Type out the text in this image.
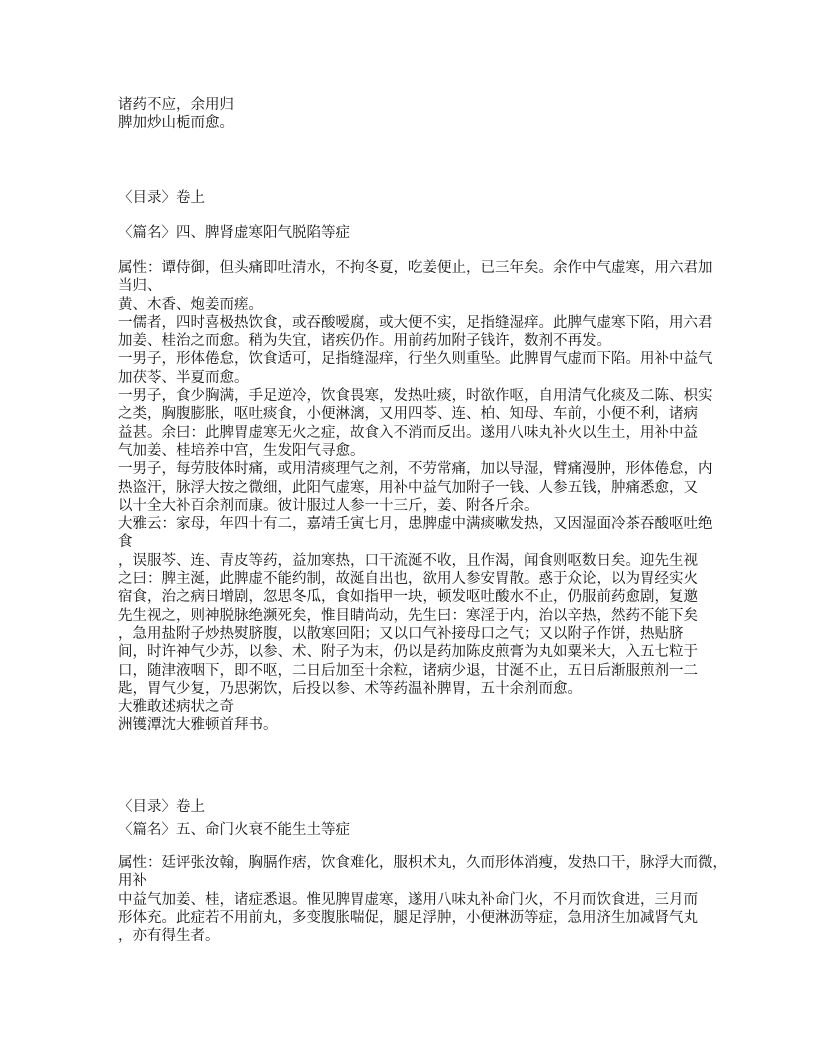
诸药不应，余用归
脾加炒山栀而愈。
〈目录〉卷上
〈篇名〉四、脾肾虚寒阳气脱陷等症
属性：谭侍御，但头痛即吐清水，不拘冬夏，吃姜便止，已三年矣。余作中气虚寒，用六君加
当归、
黄、木香、炮姜而瘥。
一儒者，四时喜极热饮食，或吞酸嗳腐，或大便不实，足指缝湿痒。此脾气虚寒下陷，用六君
加姜、桂治之而愈。稍为失宜，诸疾仍作。用前药加附子钱许，数剂不再发。
一男子，形体倦怠，饮食适可，足指缝湿痒，行坐久则重坠。此脾胃气虚而下陷。用补中益气
加茯苓、半夏而愈。
一男子，食少胸满，手足逆冷，饮食畏寒，发热吐痰，时欲作呕，自用清气化痰及二陈、枳实
之类，胸腹膨胀，呕吐痰食，小便淋漓，又用四苓、连、柏、知母、车前，小便不利，诸病
益甚。余曰：此脾胃虚寒无火之症，故食入不消而反出。遂用八味丸补火以生土，用补中益
气加姜、桂培养中宫，生发阳气寻愈。
一男子，每劳肢体时痛，或用清痰理气之剂，不劳常痛，加以导湿，臂痛漫肿，形体倦怠，内
热盗汗，脉浮大按之微细，此阳气虚寒，用补中益气加附子一钱、人参五钱，肿痛悉愈，又
以十全大补百余剂而康。彼计服过人参一十三斤，姜、附各斤余。
大雅云：家母，年四十有二，嘉靖壬寅七月，患脾虚中满痰嗽发热，又因湿面冷茶吞酸呕吐绝
食
，误服芩、连、青皮等药，益加寒热，口干流涎不收，且作渴，闻食则呕数日矣。迎先生视
之曰：脾主涎，此脾虚不能约制，故涎自出也，欲用人参安胃散。惑于众论，以为胃经实火
宿食，治之病日增剧，忽思冬瓜，食如指甲一块，顿发呕吐酸水不止，仍服前药愈剧，复邀
先生视之，则神脱脉绝濒死矣，惟目睛尚动，先生曰：寒淫于内，治以辛热，然药不能下矣
，急用盐附子炒热熨脐腹，以散寒回阳；又以口气补接母口之气；又以附子作饼，热贴脐
间，时许神气少苏，以参、术、附子为末，仍以是药加陈皮煎膏为丸如粟米大，入五七粒于
口，随津液咽下，即不呕，二日后加至十余粒，诸病少退，甘涎不止，五日后渐服煎剂一二
匙，胃气少复，乃思粥饮，后投以参、术等药温补脾胃，五十余剂而愈。
大雅敢述病状之奇
洲镬潭沈大雅顿首拜书。
〈目录〉卷上
〈篇名〉五、命门火衰不能生土等症
属性：廷评张汝翰，胸膈作痞，饮食难化，服枳术丸，久而形体消瘦，发热口干，脉浮大而微，
用补
中益气加姜、桂，诸症悉退。惟见脾胃虚寒，遂用八味丸补命门火，不月而饮食进，三月而
形体充。此症若不用前丸，多变腹胀喘促，腿足浮肿，小便淋沥等症，急用济生加减肾气丸
，亦有得生者。
